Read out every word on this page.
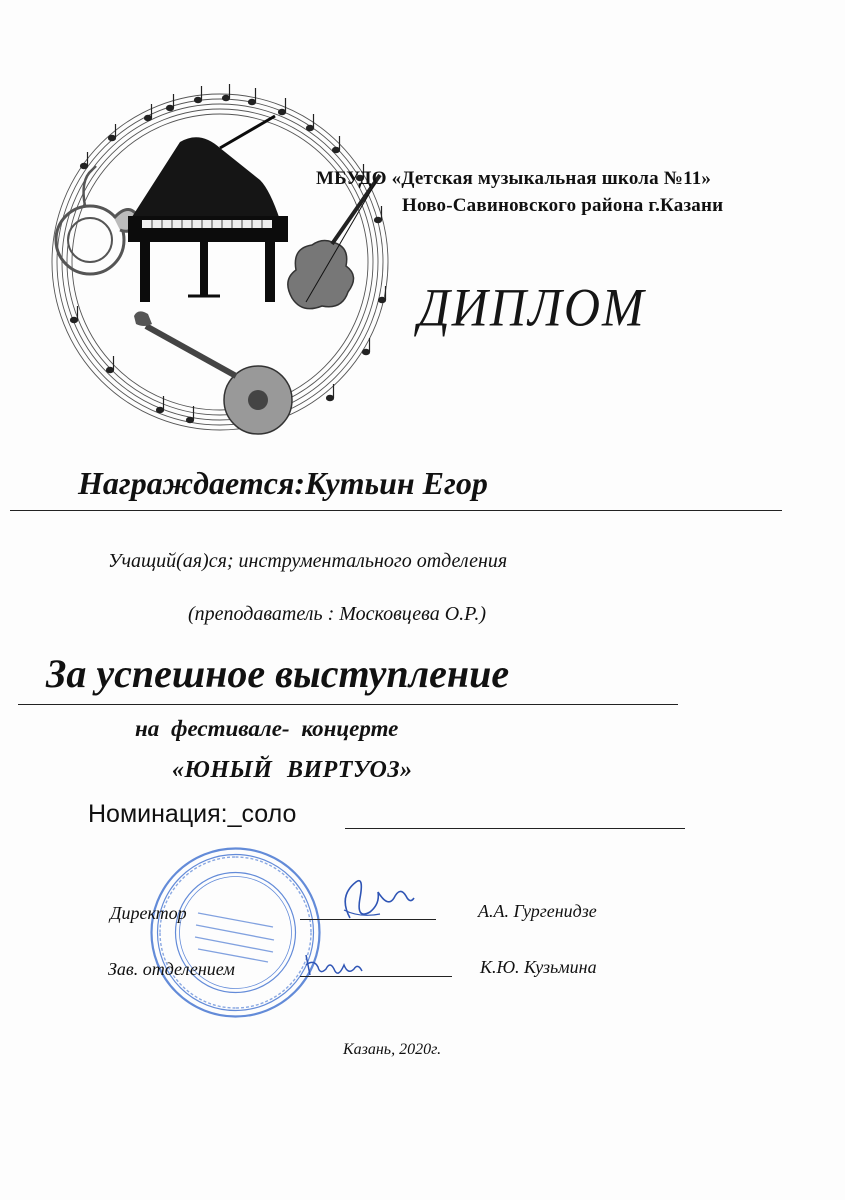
МБУДО «Детская музыкальная школа №11»
Ново-Савиновского района г.Казани
ДИПЛОМ
Награждается:Кутьин Егор
Учащий(ая)ся; инструментального отделения
(преподаватель : Московцева О.Р.)
За успешное выступление
на фестивале- концерте
«ЮНЫЙ ВИРТУОЗ»
Номинация:_соло
Директор	А.А. Гургенидзе
Зав. отделением	К.Ю. Кузьмина
Казань, 2020г.
